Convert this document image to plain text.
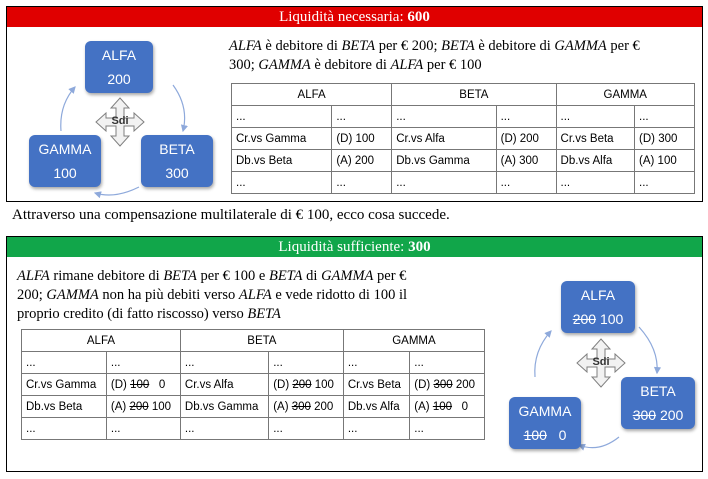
Liquidità necessaria: 600
Sdi
ALFA
200
BETA
300
GAMMA
100
ALFA è debitore di BETA per € 200; BETA è debitore di GAMMA per €
300; GAMMA è debitore di ALFA per € 100
ALFA		BETA		GAMMA	
...	...	...	...	...	...
Cr.vs Gamma	(D) 100	Cr.vs Alfa	(D) 200	Cr.vs Beta	(D) 300
Db.vs Beta	(A) 200	Db.vs Gamma	(A) 300	Db.vs Alfa	(A) 100
...	...	...	...	...	...
Attraverso una compensazione multilaterale di € 100, ecco cosa succede.
Liquidità sufficiente: 300
ALFA rimane debitore di BETA per € 100 e BETA di GAMMA per €
200; GAMMA non ha più debiti verso ALFA e vede ridotto di 100 il
proprio credito (di fatto riscosso) verso BETA
ALFA		BETA		GAMMA	
...	...	...	...	...	...
Cr.vs Gamma	(D) 100 0	Cr.vs Alfa	(D) 200 100	Cr.vs Beta	(D) 300 200
Db.vs Beta	(A) 200 100	Db.vs Gamma	(A) 300 200	Db.vs Alfa	(A) 100 0
...	...	...	...	...	...
Sdi
ALFA
200 100
BETA
300 200
GAMMA
100 0
